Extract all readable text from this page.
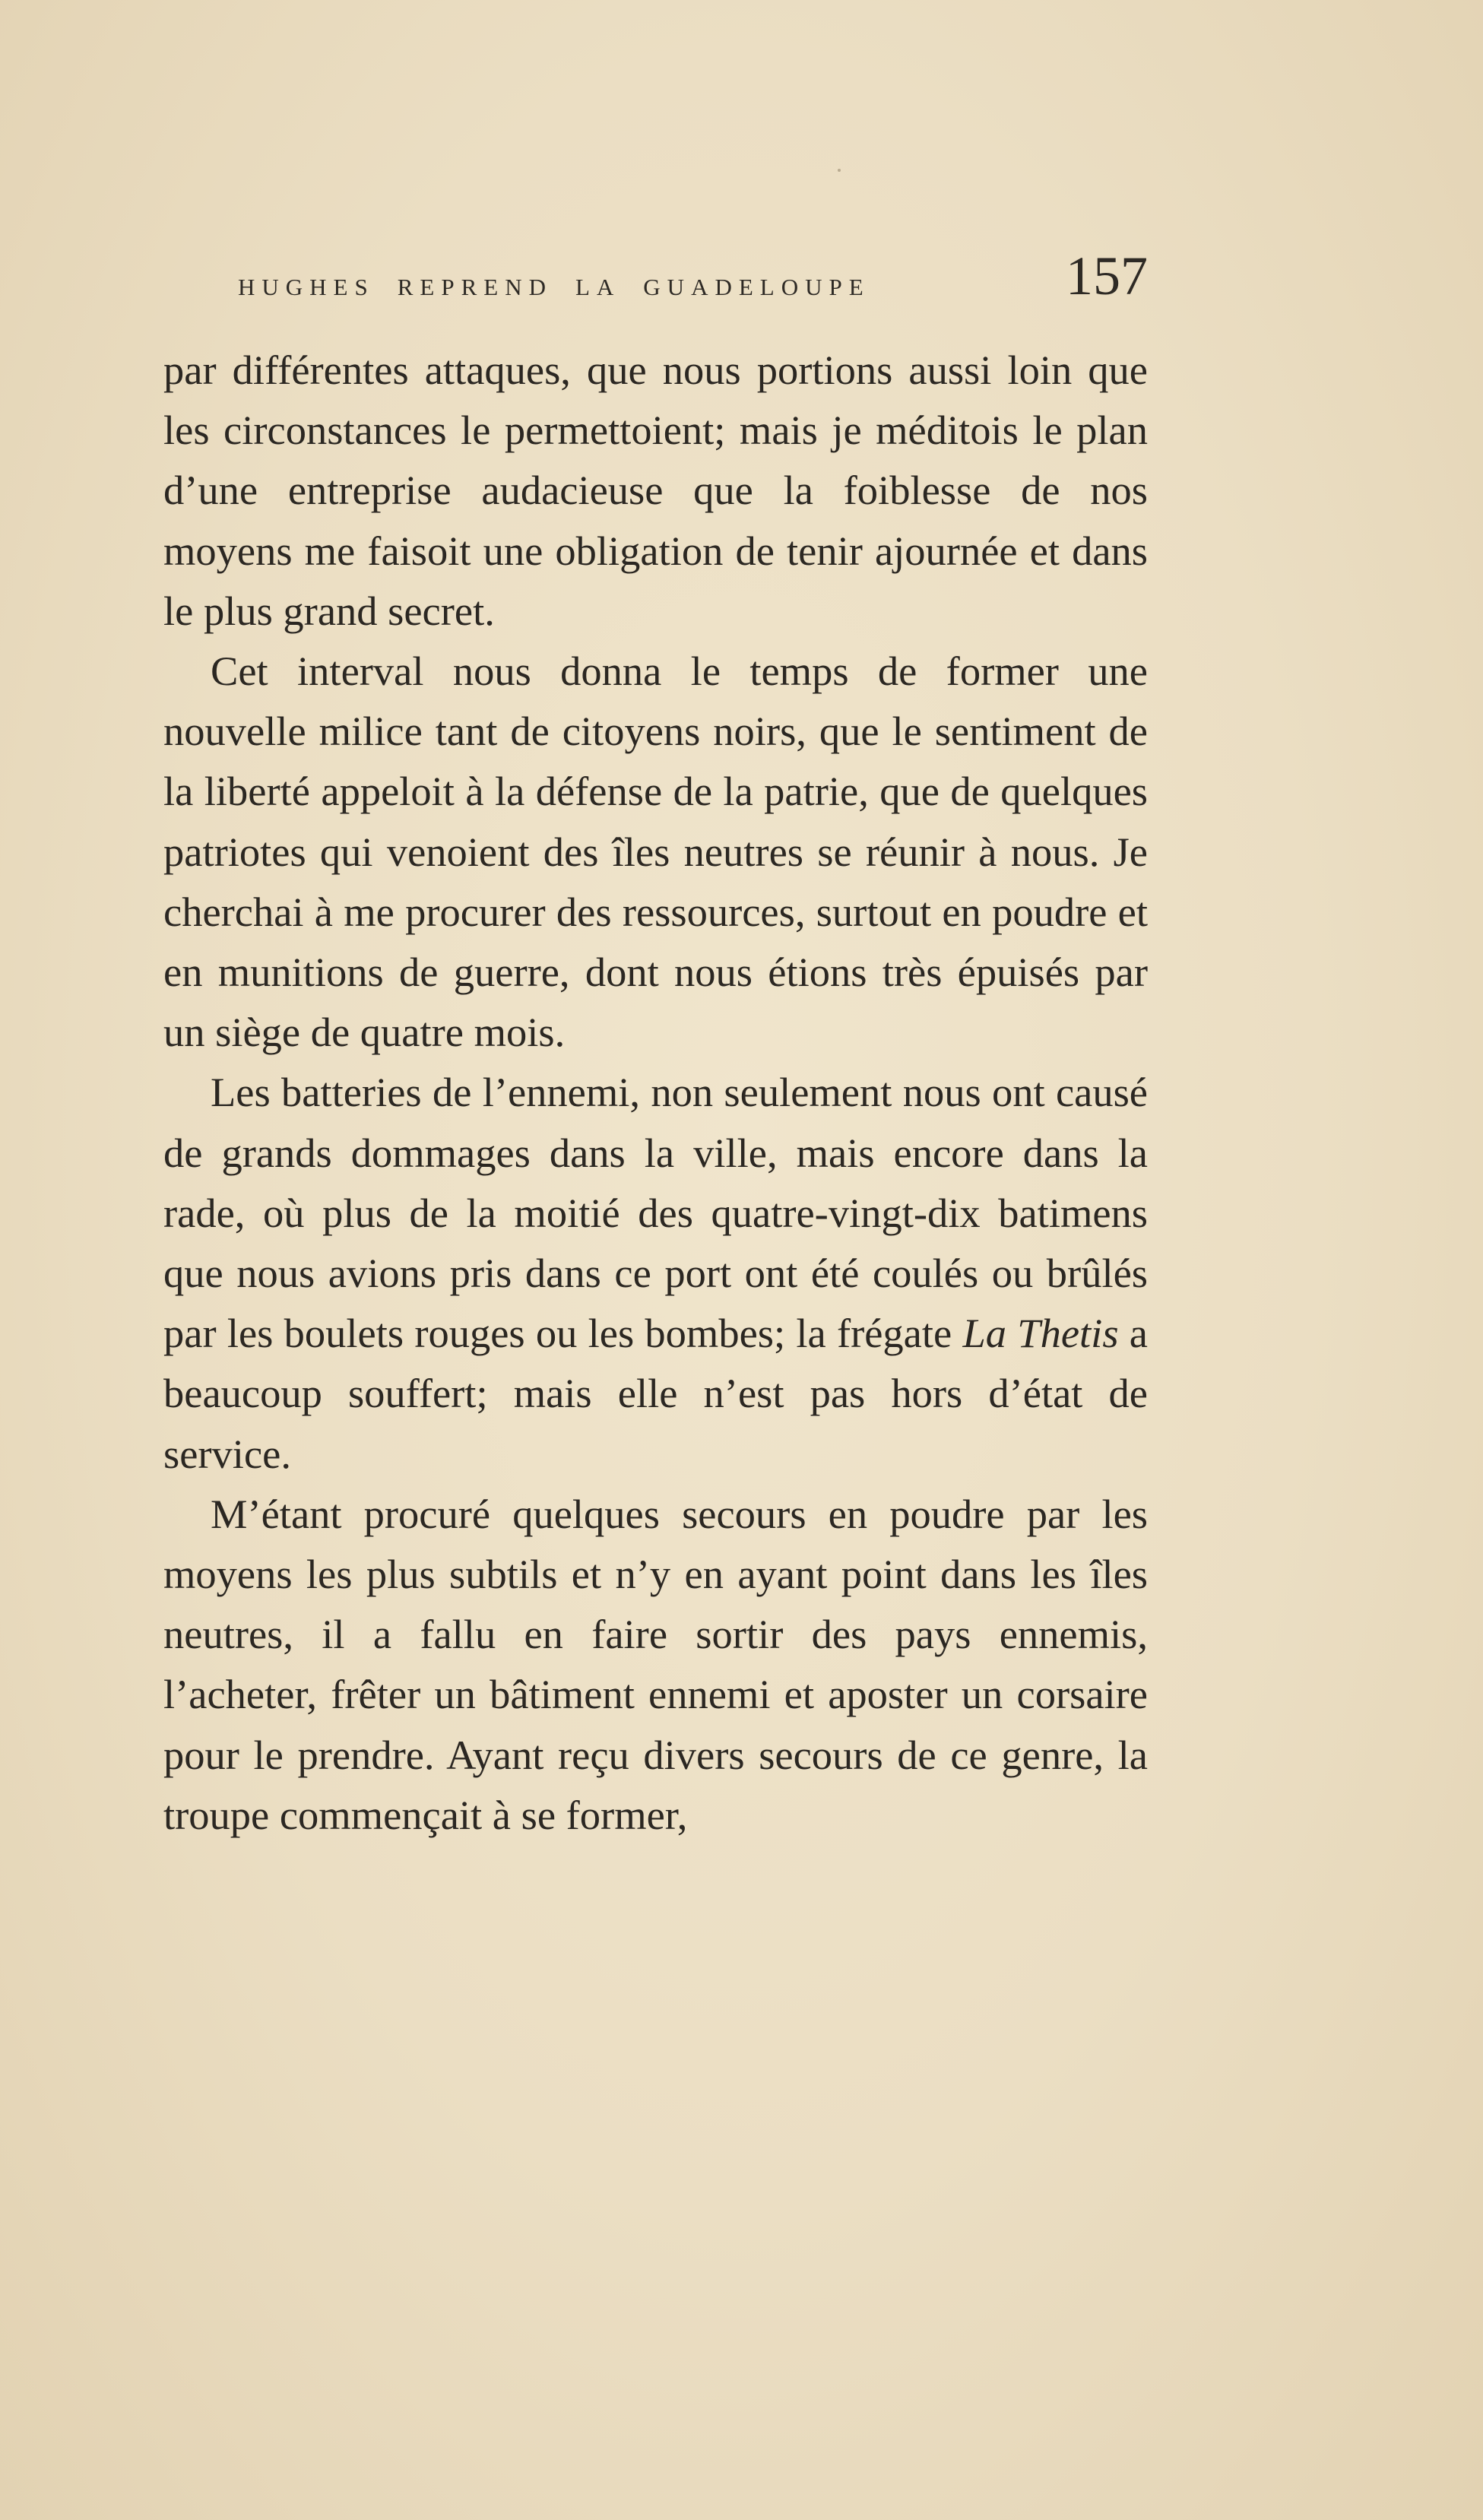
hughes reprend la guadeloupe	157

par différentes attaques, que nous portions aussi loin que les circonstances le permettoient; mais je méditois le plan d’une entreprise audacieuse que la foiblesse de nos moyens me faisoit une obligation de tenir ajournée et dans le plus grand secret.

Cet interval nous donna le temps de former une nouvelle milice tant de citoyens noirs, que le sentiment de la liberté appeloit à la défense de la patrie, que de quelques patriotes qui venoient des îles neutres se réunir à nous. Je cherchai à me procurer des ressources, surtout en poudre et en munitions de guerre, dont nous étions très épuisés par un siège de quatre mois.

Les batteries de l’ennemi, non seulement nous ont causé de grands dommages dans la ville, mais encore dans la rade, où plus de la moitié des quatre-vingt-dix batimens que nous avions pris dans ce port ont été coulés ou brûlés par les boulets rouges ou les bombes; la frégate La Thetis a beaucoup souffert; mais elle n’est pas hors d’état de service.

M’étant procuré quelques secours en poudre par les moyens les plus subtils et n’y en ayant point dans les îles neutres, il a fallu en faire sortir des pays ennemis, l’acheter, frêter un bâtiment ennemi et aposter un corsaire pour le prendre. Ayant reçu divers secours de ce genre, la troupe commençait à se former,
